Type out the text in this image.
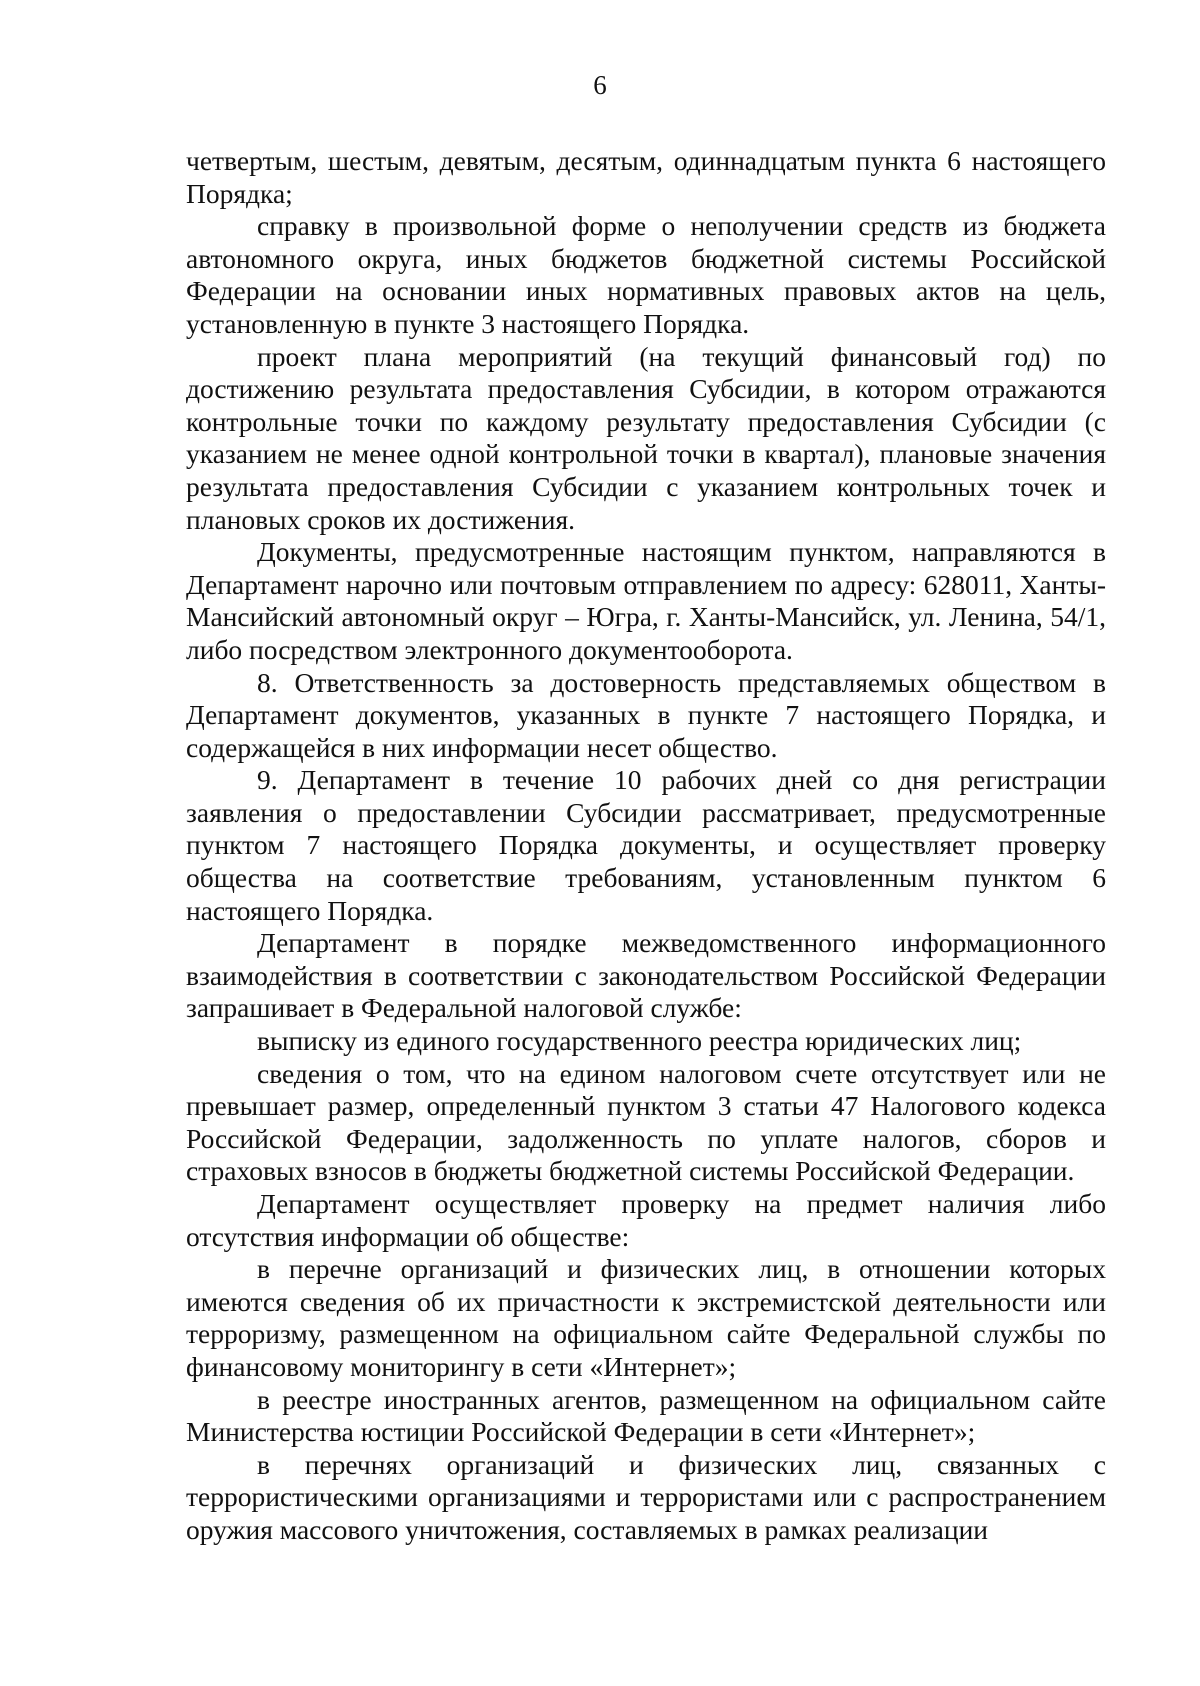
6

четвертым, шестым, девятым, десятым, одиннадцатым пункта 6 настоящего Порядка;

справку в произвольной форме о неполучении средств из бюджета автономного округа, иных бюджетов бюджетной системы Российской Федерации на основании иных нормативных правовых актов на цель, установленную в пункте 3 настоящего Порядка.

проект плана мероприятий (на текущий финансовый год) по достижению результата предоставления Субсидии, в котором отражаются контрольные точки по каждому результату предоставления Субсидии (с указанием не менее одной контрольной точки в квартал), плановые значения результата предоставления Субсидии с указанием контрольных точек и плановых сроков их достижения.

Документы, предусмотренные настоящим пунктом, направляются в Департамент нарочно или почтовым отправлением по адресу: 628011, Ханты-Мансийский автономный округ – Югра, г. Ханты-Мансийск, ул. Ленина, 54/1, либо посредством электронного документооборота.

8. Ответственность за достоверность представляемых обществом в Департамент документов, указанных в пункте 7 настоящего Порядка, и содержащейся в них информации несет общество.

9. Департамент в течение 10 рабочих дней со дня регистрации заявления о предоставлении Субсидии рассматривает, предусмотренные пунктом 7 настоящего Порядка документы, и осуществляет проверку общества на соответствие требованиям, установленным пунктом 6 настоящего Порядка.

Департамент в порядке межведомственного информационного взаимодействия в соответствии с законодательством Российской Федерации запрашивает в Федеральной налоговой службе:

выписку из единого государственного реестра юридических лиц;

сведения о том, что на едином налоговом счете отсутствует или не превышает размер, определенный пунктом 3 статьи 47 Налогового кодекса Российской Федерации, задолженность по уплате налогов, сборов и страховых взносов в бюджеты бюджетной системы Российской Федерации.

Департамент осуществляет проверку на предмет наличия либо отсутствия информации об обществе:

в перечне организаций и физических лиц, в отношении которых имеются сведения об их причастности к экстремистской деятельности или терроризму, размещенном на официальном сайте Федеральной службы по финансовому мониторингу в сети «Интернет»;

в реестре иностранных агентов, размещенном на официальном сайте Министерства юстиции Российской Федерации в сети «Интернет»;

в перечнях организаций и физических лиц, связанных с террористическими организациями и террористами или с распространением оружия массового уничтожения, составляемых в рамках реализации
